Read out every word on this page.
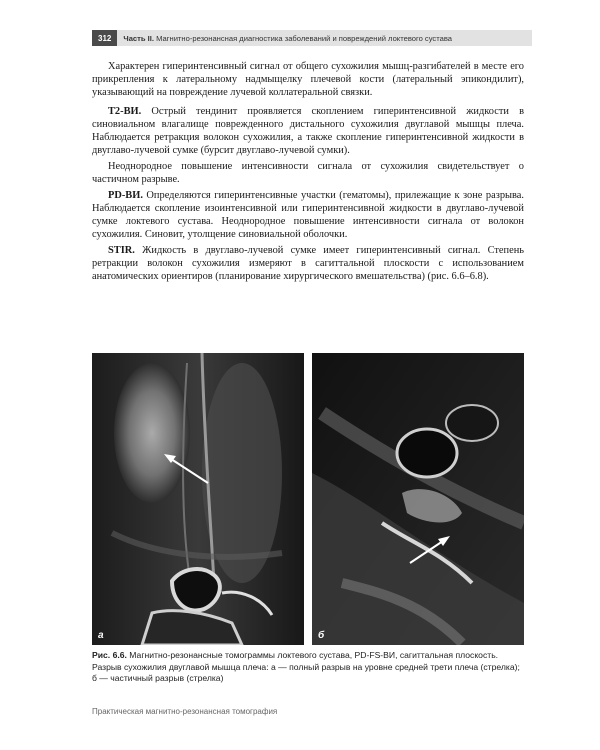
312	Часть II. Магнитно-резонансная диагностика заболеваний и повреждений локтевого сустава

Характерен гиперинтенсивный сигнал от общего сухожилия мышц-разгибателей в месте его прикрепления к латеральному надмыщелку плечевой кости (латеральный эпикондилит), указывающий на повреждение лучевой коллатеральной связки.

T2-ВИ. Острый тендинит проявляется скоплением гиперинтенсивной жидкости в синовиальном влагалище поврежденного дистального сухожилия двуглавой мышцы плеча. Наблюдается ретракция волокон сухожилия, а также скопление гиперинтенсивной жидкости в двуглаво-лучевой сумке (бурсит двуглаво-лучевой сумки).

Неоднородное повышение интенсивности сигнала от сухожилия свидетельствует о частичном разрыве.

PD-ВИ. Определяются гиперинтенсивные участки (гематомы), прилежащие к зоне разрыва. Наблюдается скопление изоинтенсивной или гиперинтенсивной жидкости в двуглаво-лучевой сумке локтевого сустава. Неоднородное повышение интенсивности сигнала от волокон сухожилия. Синовит, утолщение синовиальной оболочки.

STIR. Жидкость в двуглаво-лучевой сумке имеет гиперинтенсивный сигнал. Степень ретракции волокон сухожилия измеряют в сагиттальной плоскости с использованием анатомических ориентиров (планирование хирургического вмешательства) (рис. 6.6–6.8).

а	б
Рис. 6.6. Магнитно-резонансные томограммы локтевого сустава, PD-FS-ВИ, сагиттальная плоскость. Разрыв сухожилия двуглавой мышца плеча: а — полный разрыв на уровне средней трети плеча (стрелка); б — частичный разрыв (стрелка)
Практическая магнитно-резонансная томография
